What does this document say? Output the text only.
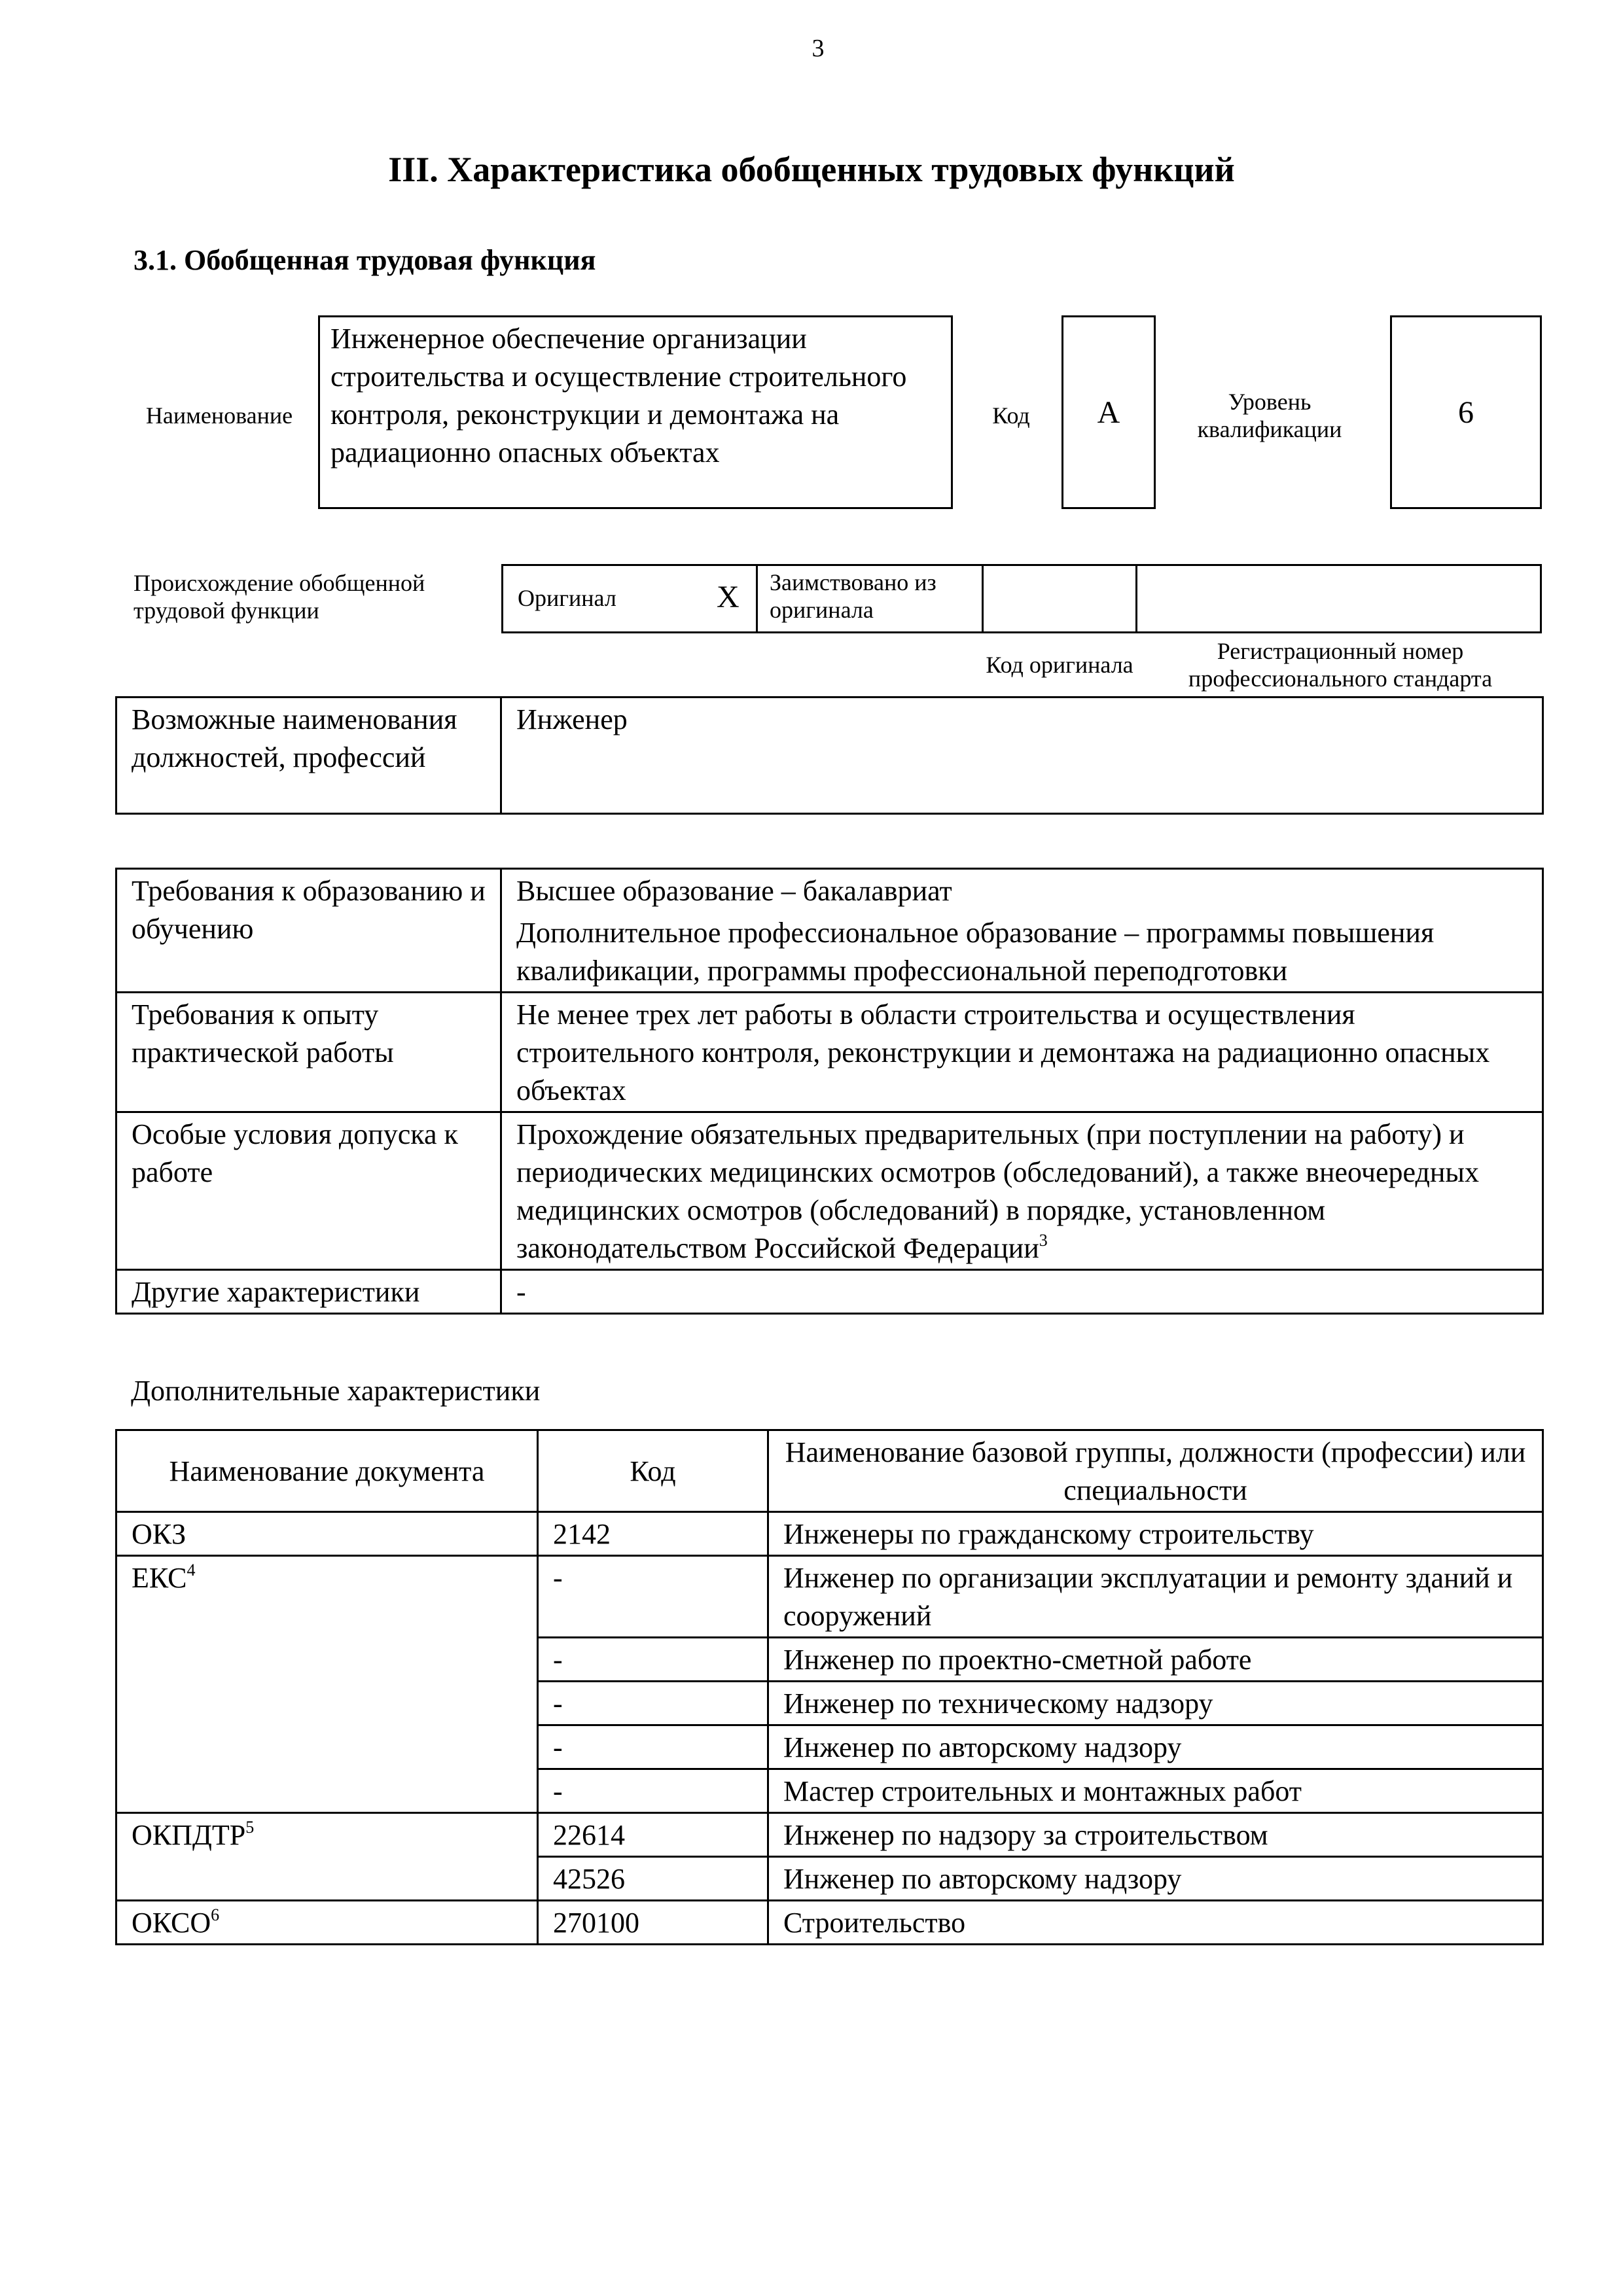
3
III. Характеристика обобщенных трудовых функций
3.1. Обобщенная трудовая функция
Наименование
Инженерное обеспечение организации строительства и осуществление строительного контроля, реконструкции и демонтажа на радиационно опасных объектах
Код	А	Уровень квалификации	6
Происхождение обобщенной трудовой функции	Оригинал	X	Заимствовано из оригинала
Код оригинала
Регистрационный номер профессионального стандарта
Возможные наименования должностей, профессий	Инженер
Требования к образованию и обучению	Высшее образование – бакалавриат
Дополнительное профессиональное образование – программы повышения квалификации, программы профессиональной переподготовки

Требования к опыту практической работы	Не менее трех лет работы в области строительства и осуществления строительного контроля, реконструкции и демонтажа на радиационно опасных объектах
Особые условия допуска к работе	Прохождение обязательных предварительных (при поступлении на работу) и периодических медицинских осмотров (обследований), а также внеочередных медицинских осмотров (обследований) в порядке, установленном законодательством Российской Федерации$^3$
Другие характеристики	-
Дополнительные характеристики
Наименование документа	Код	Наименование базовой группы, должности (профессии) или специальности
ОКЗ	2142	Инженеры по гражданскому строительству
ЕКС$^4$	-	Инженер по организации эксплуатации и ремонту зданий и сооружений
	-	Инженер по проектно-сметной работе
	-	Инженер по техническому надзору
	-	Инженер по авторскому надзору
	-	Мастер строительных и монтажных работ
ОКПДТР$^5$	22614	Инженер по надзору за строительством
	42526	Инженер по авторскому надзору
ОКСО$^6$	270100	Строительство
